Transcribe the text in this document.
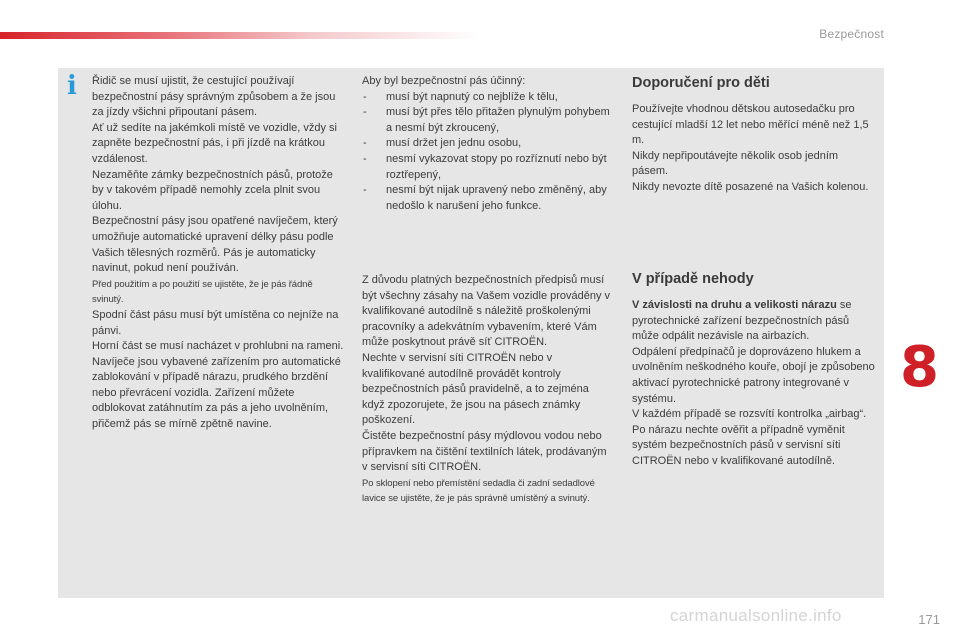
Bezpečnost
i Řidič se musí ujistit, že cestující používají bezpečnostní pásy správným způsobem a že jsou za jízdy všichni připoutaní pásem.

Ať už sedíte na jakémkoli místě ve vozidle, vždy si zapněte bezpečnostní pás, i při jízdě na krátkou vzdálenost.

Nezaměňte zámky bezpečnostních pásů, protože by v takovém případě nemohly zcela plnit svou úlohu.

Bezpečnostní pásy jsou opatřené navíječem, který umožňuje automatické upravení délky pásu podle Vašich tělesných rozměrů. Pás je automaticky navinut, pokud není používán.

Před použitím a po použití se ujistěte, že je pás řádně svinutý.

Spodní část pásu musí být umístěna co nejníže na pánvi.

Horní část se musí nacházet v prohlubni na rameni.

Navíječe jsou vybavené zařízením pro automatické zablokování v případě nárazu, prudkého brzdění nebo převrácení vozidla. Zařízení můžete odblokovat zatáhnutím za pás a jeho uvolněním, přičemž pás se mírně zpětně navine.

Aby byl bezpečnostní pás účinný:

- musí být napnutý co nejblíže k tělu,
- musí být přes tělo přitažen plynulým pohybem a nesmí být zkroucený,
- musí držet jen jednu osobu,
- nesmí vykazovat stopy po rozříznutí nebo být roztřepený,
- nesmí být nijak upravený nebo změněný, aby nedošlo k narušení jeho funkce.

Z důvodu platných bezpečnostních předpisů musí být všechny zásahy na Vašem vozidle prováděny v kvalifikované autodílně s náležitě proškolenými pracovníky a adekvátním vybavením, které Vám může poskytnout právě síť CITROËN.

Nechte v servisní síti CITROËN nebo v kvalifikované autodílně provádět kontroly bezpečnostních pásů pravidelně, a to zejména když zpozorujete, že jsou na pásech známky poškození.

Čistěte bezpečnostní pásy mýdlovou vodou nebo přípravkem na čištění textilních látek, prodávaným v servisní síti CITROËN.

Po sklopení nebo přemístění sedadla či zadní sedadlové lavice se ujistěte, že je pás správně umístěný a svinutý.

Doporučení pro děti

Používejte vhodnou dětskou autosedačku pro cestující mladší 12 let nebo měřící méně než 1,5 m.

Nikdy nepřipoutávejte několik osob jedním pásem.

Nikdy nevozte dítě posazené na Vašich kolenou.

V případě nehody

V závislosti na druhu a velikosti nárazu se pyrotechnické zařízení bezpečnostních pásů může odpálit nezávisle na airbazích.

Odpálení předpínačů je doprovázeno hlukem a uvolněním neškodného kouře, obojí je způsobeno aktivací pyrotechnické patrony integrované v systému.

V každém případě se rozsvítí kontrolka „airbag“.

Po nárazu nechte ověřit a případně vyměnit systém bezpečnostních pásů v servisní síti CITROËN nebo v kvalifikované autodílně.

8
carmanualsonline.info	171
